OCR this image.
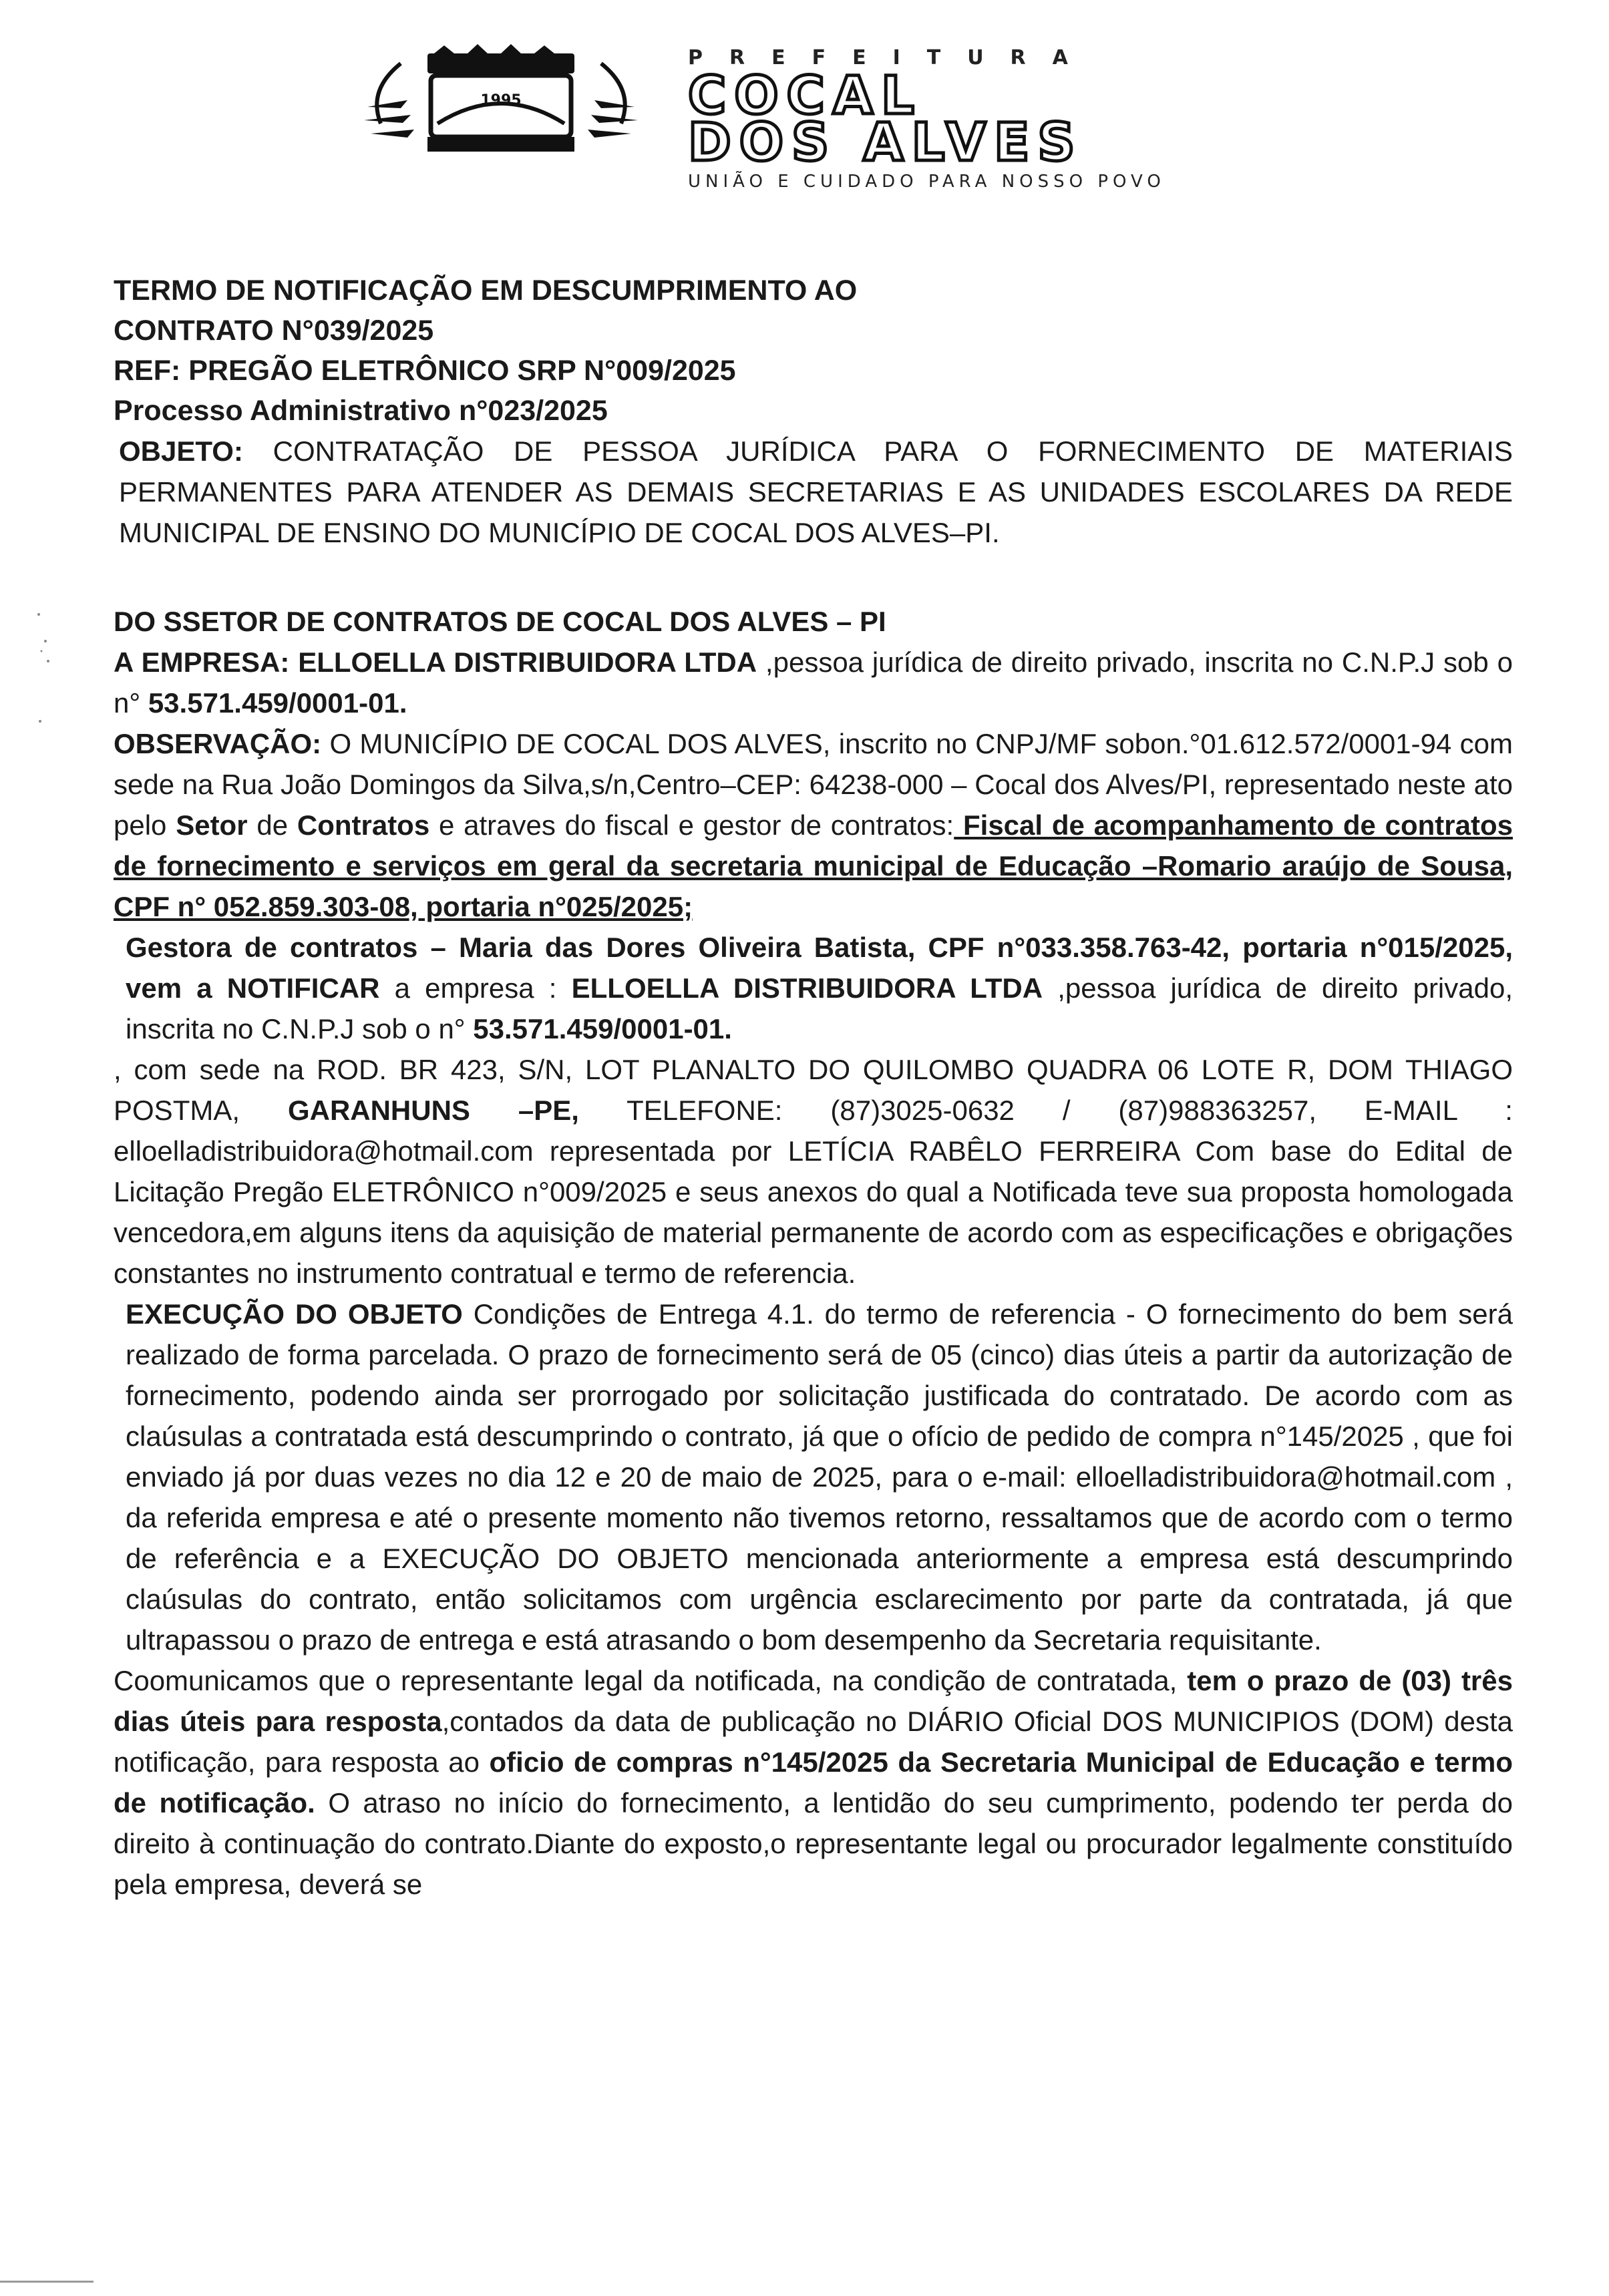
1995
PREFEITURA
COCAL
DOS ALVES
UNIÃO E CUIDADO PARA NOSSO POVO

TERMO DE NOTIFICAÇÃO EM DESCUMPRIMENTO AO

CONTRATO N°039/2025

REF: PREGÃO ELETRÔNICO SRP N°009/2025

Processo Administrativo n°023/2025

OBJETO: CONTRATAÇÃO DE PESSOA JURÍDICA PARA O FORNECIMENTO DE MATERIAIS PERMANENTES PARA ATENDER AS DEMAIS SECRETARIAS E AS UNIDADES ESCOLARES DA REDE MUNICIPAL DE ENSINO DO MUNICÍPIO DE COCAL DOS ALVES–PI.

DO SSETOR DE CONTRATOS DE COCAL DOS ALVES – PI

A EMPRESA: ELLOELLA DISTRIBUIDORA LTDA ,pessoa jurídica de direito privado, inscrita no C.N.P.J sob o n° 53.571.459/0001-01.

OBSERVAÇÃO: O MUNICÍPIO DE COCAL DOS ALVES, inscrito no CNPJ/MF sobon.°01.612.572/0001-94 com sede na Rua João Domingos da Silva,s/n,Centro–CEP: 64238-000 – Cocal dos Alves/PI, representado neste ato pelo Setor de Contratos e atraves do fiscal e gestor de contratos: Fiscal de acompanhamento de contratos de fornecimento e serviços em geral da secretaria municipal de Educação –Romario araújo de Sousa, CPF n° 052.859.303-08, portaria n°025/2025;

Gestora de contratos – Maria das Dores Oliveira Batista, CPF n°033.358.763-42, portaria n°015/2025, vem a NOTIFICAR a empresa : ELLOELLA DISTRIBUIDORA LTDA ,pessoa jurídica de direito privado, inscrita no C.N.P.J sob o n° 53.571.459/0001-01.

, com sede na ROD. BR 423, S/N, LOT PLANALTO DO QUILOMBO QUADRA 06 LOTE R, DOM THIAGO POSTMA, GARANHUNS –PE, TELEFONE: (87)3025-0632 / (87)988363257, E-MAIL : elloelladistribuidora@hotmail.com representada por LETÍCIA RABÊLO FERREIRA Com base do Edital de Licitação Pregão ELETRÔNICO n°009/2025 e seus anexos do qual a Notificada teve sua proposta homologada vencedora,em alguns itens da aquisição de material permanente de acordo com as especificações e obrigações constantes no instrumento contratual e termo de referencia.

EXECUÇÃO DO OBJETO Condições de Entrega 4.1. do termo de referencia - O fornecimento do bem será realizado de forma parcelada. O prazo de fornecimento será de 05 (cinco) dias úteis a partir da autorização de fornecimento, podendo ainda ser prorrogado por solicitação justificada do contratado. De acordo com as claúsulas a contratada está descumprindo o contrato, já que o ofício de pedido de compra n°145/2025 , que foi enviado já por duas vezes no dia 12 e 20 de maio de 2025, para o e-mail: elloelladistribuidora@hotmail.com , da referida empresa e até o presente momento não tivemos retorno, ressaltamos que de acordo com o termo de referência e a EXECUÇÃO DO OBJETO mencionada anteriormente a empresa está descumprindo claúsulas do contrato, então solicitamos com urgência esclarecimento por parte da contratada, já que ultrapassou o prazo de entrega e está atrasando o bom desempenho da Secretaria requisitante.

Coomunicamos que o representante legal da notificada, na condição de contratada, tem o prazo de (03) três dias úteis para resposta,contados da data de publicação no DIÁRIO Oficial DOS MUNICIPIOS (DOM) desta notificação, para resposta ao oficio de compras n°145/2025 da Secretaria Municipal de Educação e termo de notificação. O atraso no início do fornecimento, a lentidão do seu cumprimento, podendo ter perda do direito à continuação do contrato.Diante do exposto,o representante legal ou procurador legalmente constituído pela empresa, deverá se
